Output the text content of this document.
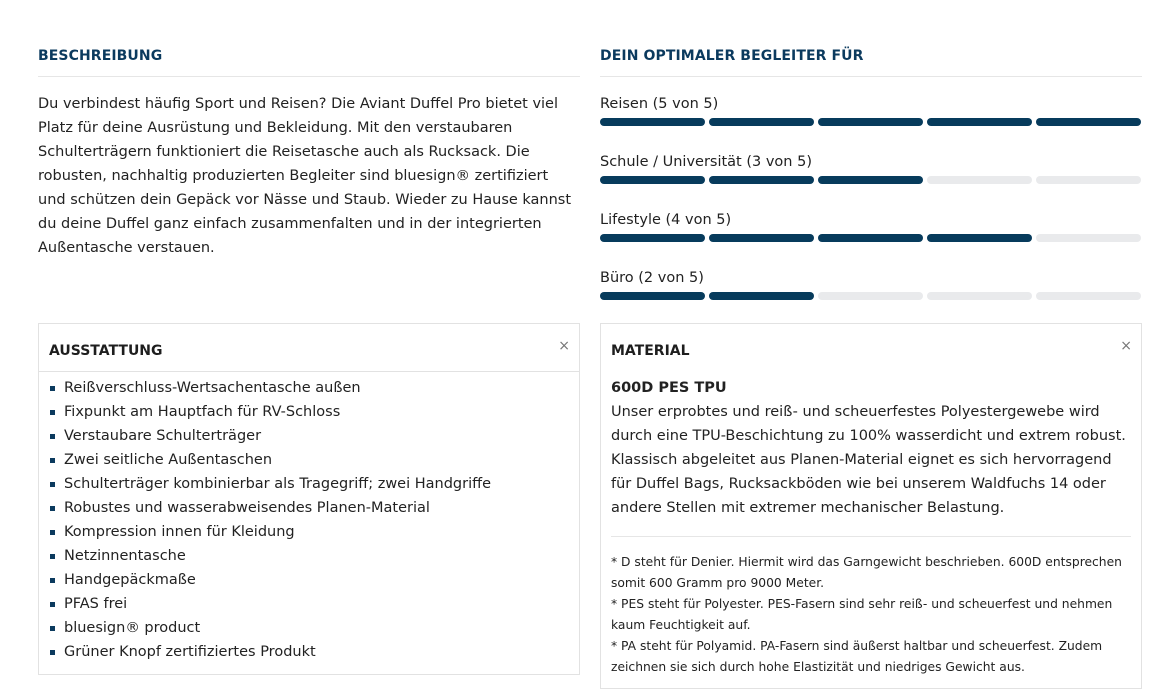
BESCHREIBUNG

Du verbindest häufig Sport und Reisen? Die Aviant Duffel Pro bietet viel Platz für deine Ausrüstung und Bekleidung. Mit den verstaubaren Schulterträgern funktioniert die Reisetasche auch als Rucksack. Die robusten, nachhaltig produzierten Begleiter sind bluesign® zertifiziert und schützen dein Gepäck vor Nässe und Staub. Wieder zu Hause kannst du deine Duffel ganz einfach zusammenfalten und in der integrierten Außentasche verstauen.

DEIN OPTIMALER BEGLEITER FÜR
Reisen (5 von 5)
Schule / Universität (3 von 5)
Lifestyle (4 von 5)
Büro (2 von 5)
AUSSTATTUNG	×
Reißverschluss-Wertsachentasche außen
Fixpunkt am Hauptfach für RV-Schloss
Verstaubare Schulterträger
Zwei seitliche Außentaschen
Schulterträger kombinierbar als Tragegriff; zwei Handgriffe
Robustes und wasserabweisendes Planen-Material
Kompression innen für Kleidung
Netzinnentasche
Handgepäckmaße
PFAS frei
bluesign® product
Grüner Knopf zertifiziertes Produkt
MATERIAL	×
600D PES TPU

Unser erprobtes und reiß- und scheuerfestes Polyestergewebe wird durch eine TPU-Beschichtung zu 100% wasserdicht und extrem robust. Klassisch abgeleitet aus Planen-Material eignet es sich hervorragend für Duffel Bags, Rucksackböden wie bei unserem Waldfuchs 14 oder andere Stellen mit extremer mechanischer Belastung.

* D steht für Denier. Hiermit wird das Garngewicht beschrieben. 600D entsprechen somit 600 Gramm pro 9000 Meter.

* PES steht für Polyester. PES-Fasern sind sehr reiß- und scheuerfest und nehmen kaum Feuchtigkeit auf.

* PA steht für Polyamid. PA-Fasern sind äußerst haltbar und scheuerfest. Zudem zeichnen sie sich durch hohe Elastizität und niedriges Gewicht aus.
